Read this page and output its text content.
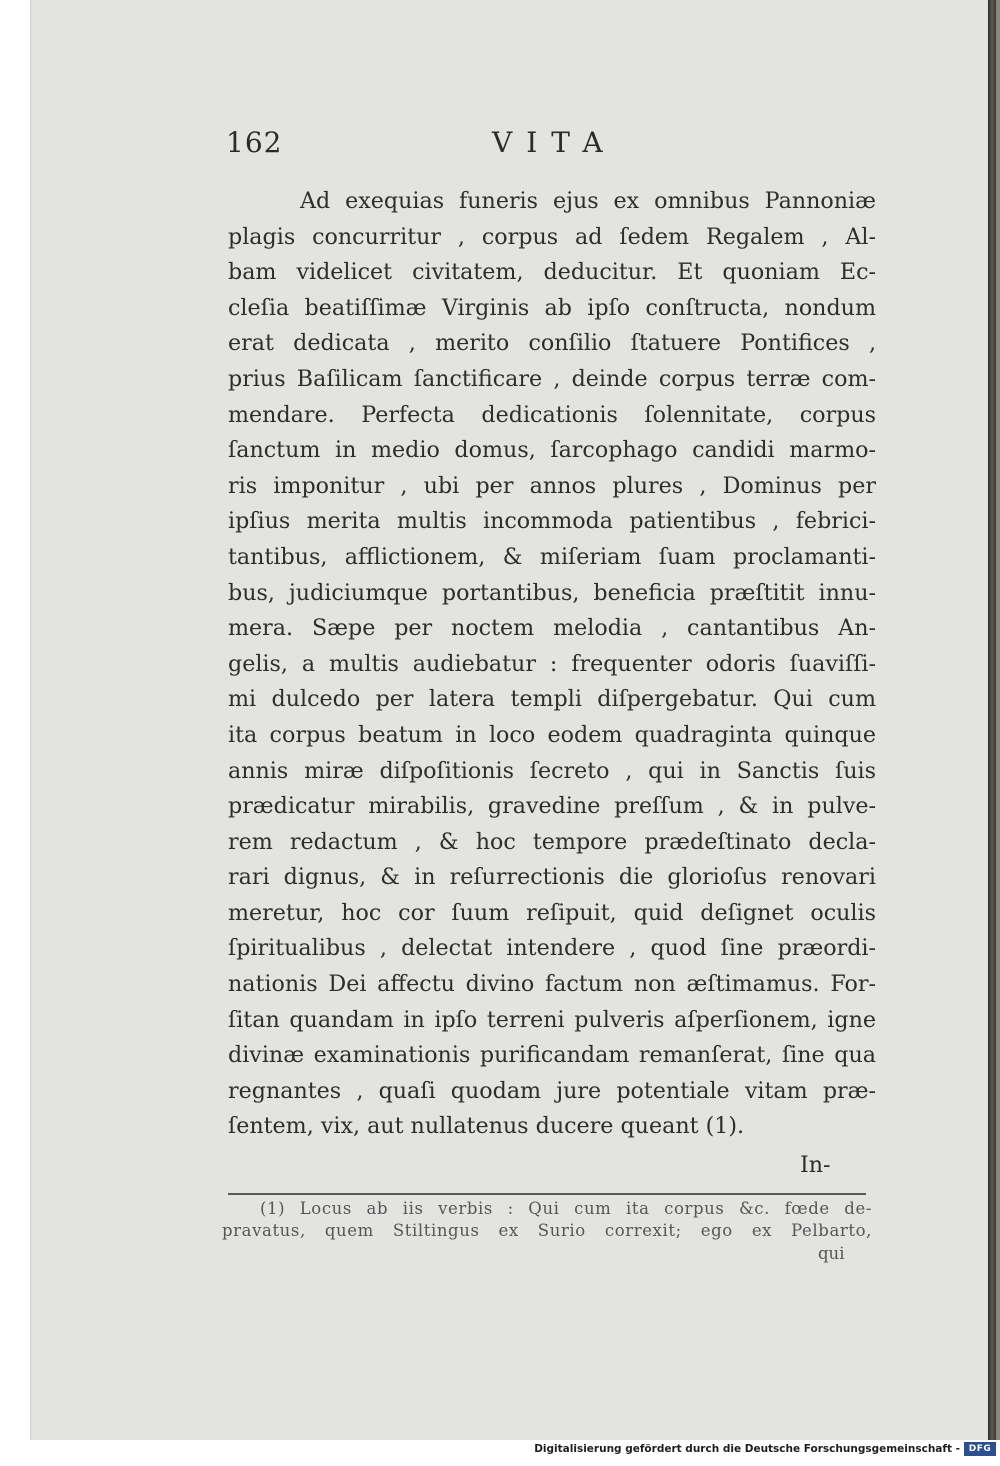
162	VITA
Ad exequias funeris ejus ex omnibus Pannoniæ
plagis concurritur , corpus ad ſedem Regalem , Al-
bam videlicet civitatem, deducitur. Et quoniam Ec-
cleſia beatiſſimæ Virginis ab ipſo conſtructa, nondum
erat dedicata , merito conſilio ſtatuere Pontifices ,
prius Baſilicam ſanctificare , deinde corpus terræ com-
mendare. Perfecta dedicationis ſolennitate, corpus
ſanctum in medio domus, ſarcophago candidi marmo-
ris imponitur , ubi per annos plures , Dominus per
ipſius merita multis incommoda patientibus , febrici-
tantibus, afflictionem, & miſeriam ſuam proclamanti-
bus, judiciumque portantibus, beneficia præſtitit innu-
mera. Sæpe per noctem melodia , cantantibus An-
gelis, a multis audiebatur : frequenter odoris ſuaviſſi-
mi dulcedo per latera templi diſpergebatur. Qui cum
ita corpus beatum in loco eodem quadraginta quinque
annis miræ diſpoſitionis ſecreto , qui in Sanctis ſuis
prædicatur mirabilis, gravedine preſſum , & in pulve-
rem redactum , & hoc tempore prædeſtinato decla-
rari dignus, & in reſurrectionis die glorioſus renovari
meretur, hoc cor ſuum reſipuit, quid deſignet oculis
ſpiritualibus , delectat intendere , quod ſine præordi-
nationis Dei affectu divino factum non æſtimamus. For-
ſitan quandam in ipſo terreni pulveris aſperſionem, igne
divinæ examinationis purificandam remanſerat, ſine qua
regnantes , quaſi quodam jure potentiale vitam præ-
ſentem, vix, aut nullatenus ducere queant (1).
In-
(1) Locus ab iis verbis : Qui cum ita corpus &c. fœde de-
pravatus, quem Stiltingus ex Surio correxit; ego ex Pelbarto,
qui
Digitalisierung gefördert durch die Deutsche Forschungsgemeinschaft - DFG
